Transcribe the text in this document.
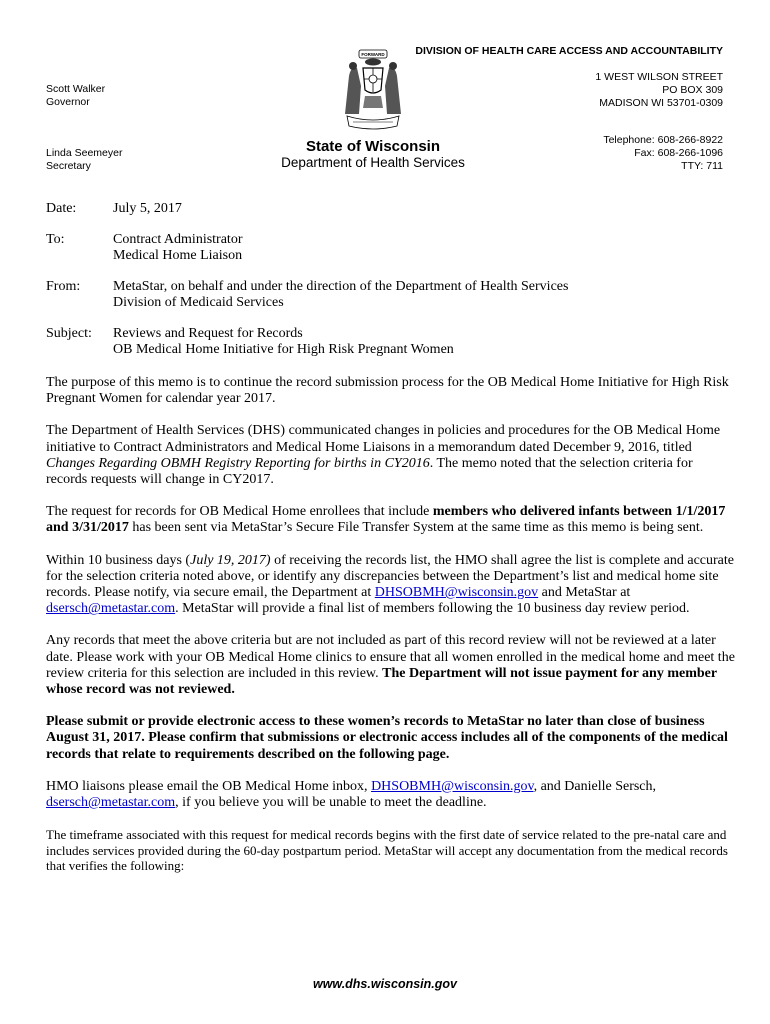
DIVISION OF HEALTH CARE ACCESS AND ACCOUNTABILITY
Scott Walker
Governor
Linda Seemeyer
Secretary
1 WEST WILSON STREET
PO BOX 309
MADISON WI 53701-0309
Telephone: 608-266-8922
Fax: 608-266-1096
TTY: 711
FORWARD
State of Wisconsin
Department of Health Services
Date:	July 5, 2017
To:	Contract Administrator
Medical Home Liaison
From:	MetaStar, on behalf and under the direction of the Department of Health Services
Division of Medicaid Services
Subject:	Reviews and Request for Records
OB Medical Home Initiative for High Risk Pregnant Women

The purpose of this memo is to continue the record submission process for the OB Medical Home Initiative for High Risk Pregnant Women for calendar year 2017.

The Department of Health Services (DHS) communicated changes in policies and procedures for the OB Medical Home initiative to Contract Administrators and Medical Home Liaisons in a memorandum dated December 9, 2016, titled Changes Regarding OBMH Registry Reporting for births in CY2016. The memo noted that the selection criteria for records requests will change in CY2017.

The request for records for OB Medical Home enrollees that include members who delivered infants between 1/1/2017 and 3/31/2017 has been sent via MetaStar’s Secure File Transfer System at the same time as this memo is being sent.

Within 10 business days (July 19, 2017) of receiving the records list, the HMO shall agree the list is complete and accurate for the selection criteria noted above, or identify any discrepancies between the Department’s list and medical home site records. Please notify, via secure email, the Department at DHSOBMH@wisconsin.gov and MetaStar at dsersch@metastar.com. MetaStar will provide a final list of members following the 10 business day review period.

Any records that meet the above criteria but are not included as part of this record review will not be reviewed at a later date. Please work with your OB Medical Home clinics to ensure that all women enrolled in the medical home and meet the review criteria for this selection are included in this review. The Department will not issue payment for any member whose record was not reviewed.

Please submit or provide electronic access to these women’s records to MetaStar no later than close of business August 31, 2017. Please confirm that submissions or electronic access includes all of the components of the medical records that relate to requirements described on the following page.

HMO liaisons please email the OB Medical Home inbox, DHSOBMH@wisconsin.gov, and Danielle Sersch, dsersch@metastar.com, if you believe you will be unable to meet the deadline.

The timeframe associated with this request for medical records begins with the first date of service related to the pre-natal care and includes services provided during the 60-day postpartum period. MetaStar will accept any documentation from the medical records that verifies the following:

www.dhs.wisconsin.gov
